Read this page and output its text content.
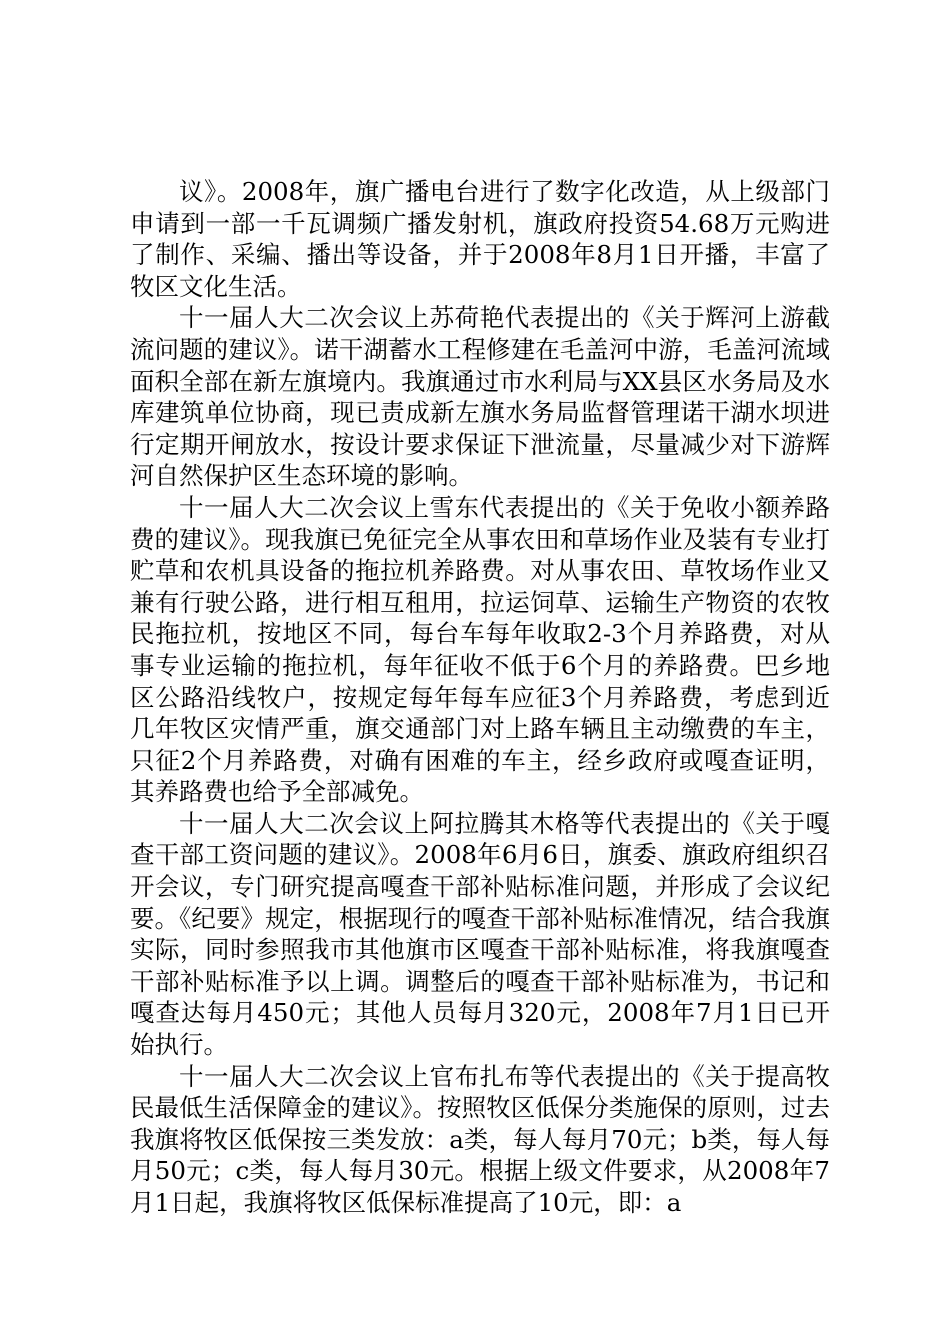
议》。2008年，旗广播电台进行了数字化改造，从上级部门申请到一部一千瓦调频广播发射机，旗政府投资54.68万元购进了制作、采编、播出等设备，并于2008年8月1日开播，丰富了牧区文化生活。

十一届人大二次会议上苏荷艳代表提出的《关于辉河上游截流问题的建议》。诺干湖蓄水工程修建在毛盖河中游，毛盖河流域面积全部在新左旗境内。我旗通过市水利局与XX县区水务局及水库建筑单位协商，现已责成新左旗水务局监督管理诺干湖水坝进行定期开闸放水，按设计要求保证下泄流量，尽量减少对下游辉河自然保护区生态环境的影响。

十一届人大二次会议上雪东代表提出的《关于免收小额养路费的建议》。现我旗已免征完全从事农田和草场作业及装有专业打贮草和农机具设备的拖拉机养路费。对从事农田、草牧场作业又兼有行驶公路，进行相互租用，拉运饲草、运输生产物资的农牧民拖拉机，按地区不同，每台车每年收取2-3个月养路费，对从事专业运输的拖拉机，每年征收不低于6个月的养路费。巴乡地区公路沿线牧户，按规定每年每车应征3个月养路费，考虑到近几年牧区灾情严重，旗交通部门对上路车辆且主动缴费的车主，只征2个月养路费，对确有困难的车主，经乡政府或嘎查证明，其养路费也给予全部减免。

十一届人大二次会议上阿拉腾其木格等代表提出的《关于嘎查干部工资问题的建议》。2008年6月6日，旗委、旗政府组织召开会议，专门研究提高嘎查干部补贴标准问题，并形成了会议纪要。《纪要》规定，根据现行的嘎查干部补贴标准情况，结合我旗实际，同时参照我市其他旗市区嘎查干部补贴标准，将我旗嘎查干部补贴标准予以上调。调整后的嘎查干部补贴标准为，书记和嘎查达每月450元；其他人员每月320元，2008年7月1日已开始执行。

十一届人大二次会议上官布扎布等代表提出的《关于提高牧民最低生活保障金的建议》。按照牧区低保分类施保的原则，过去我旗将牧区低保按三类发放：a类，每人每月70元；b类，每人每月50元；c类，每人每月30元。根据上级文件要求，从2008年7月1日起，我旗将牧区低保标准提高了10元，即：a
